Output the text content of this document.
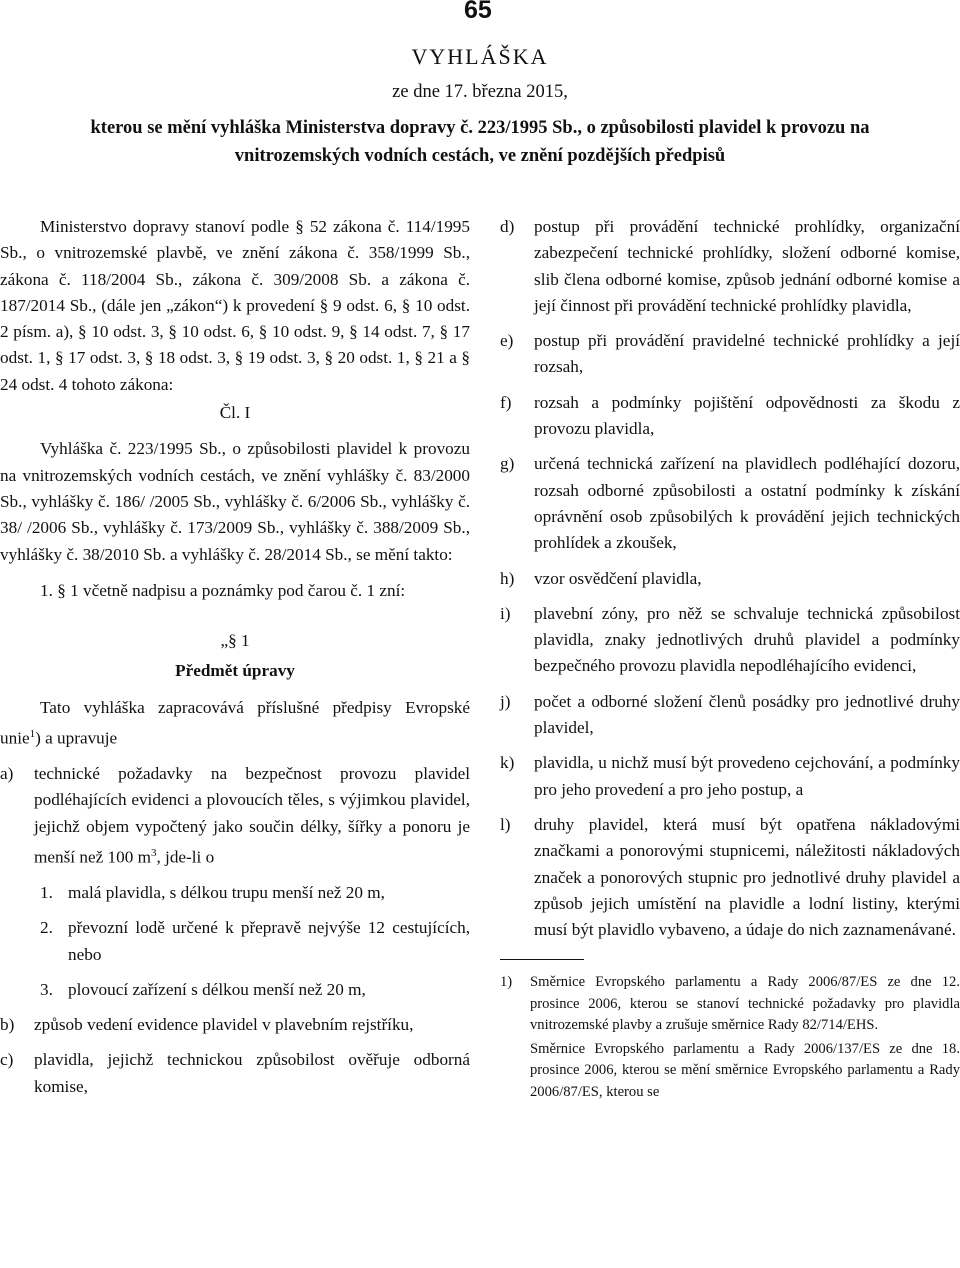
65
VYHLÁŠKA
ze dne 17. března 2015,
kterou se mění vyhláška Ministerstva dopravy č. 223/1995 Sb., o způsobilosti plavidel k provozu na vnitrozemských vodních cestách, ve znění pozdějších předpisů

Ministerstvo dopravy stanoví podle § 52 zákona č. 114/1995 Sb., o vnitrozemské plavbě, ve znění zákona č. 358/1999 Sb., zákona č. 118/2004 Sb., zákona č. 309/2008 Sb. a zákona č. 187/2014 Sb., (dále jen „zákon“) k provedení § 9 odst. 6, § 10 odst. 2 písm. a), § 10 odst. 3, § 10 odst. 6, § 10 odst. 9, § 14 odst. 7, § 17 odst. 1, § 17 odst. 3, § 18 odst. 3, § 19 odst. 3, § 20 odst. 1, § 21 a § 24 odst. 4 tohoto zákona:

Čl. I

Vyhláška č. 223/1995 Sb., o způsobilosti plavidel k provozu na vnitrozemských vodních cestách, ve znění vyhlášky č. 83/2000 Sb., vyhlášky č. 186/ /2005 Sb., vyhlášky č. 6/2006 Sb., vyhlášky č. 38/ /2006 Sb., vyhlášky č. 173/2009 Sb., vyhlášky č. 388/2009 Sb., vyhlášky č. 38/2010 Sb. a vyhlášky č. 28/2014 Sb., se mění takto:

1. § 1 včetně nadpisu a poznámky pod čarou č. 1 zní:

„§ 1

Předmět úpravy

Tato vyhláška zapracovává příslušné předpisy Evropské unie$^1$) a upravuje

a)	technické požadavky na bezpečnost provozu plavidel podléhajících evidenci a plovoucích těles, s výjimkou plavidel, jejichž objem vypočtený jako součin délky, šířky a ponoru je menší než 100 $m^3$, jde-li o
1. malá plavidla, s délkou trupu menší než 20 m,
2. převozní lodě určené k přepravě nejvýše 12 cestujících, nebo
3. plovoucí zařízení s délkou menší než 20 m,
b)	způsob vedení evidence plavidel v plavebním rejstříku,
c)	plavidla, jejichž technickou způsobilost ověřuje odborná komise,
d)	postup při provádění technické prohlídky, organizační zabezpečení technické prohlídky, složení odborné komise, slib člena odborné komise, způsob jednání odborné komise a její činnost při provádění technické prohlídky plavidla,
e)	postup při provádění pravidelné technické prohlídky a její rozsah,
f)	rozsah a podmínky pojištění odpovědnosti za škodu z provozu plavidla,
g)	určená technická zařízení na plavidlech podléhající dozoru, rozsah odborné způsobilosti a ostatní podmínky k získání oprávnění osob způsobilých k provádění jejich technických prohlídek a zkoušek,
h)	vzor osvědčení plavidla,
i)	plavební zóny, pro něž se schvaluje technická způsobilost plavidla, znaky jednotlivých druhů plavidel a podmínky bezpečného provozu plavidla nepodléhajícího evidenci,
j)	počet a odborné složení členů posádky pro jednotlivé druhy plavidel,
k)	plavidla, u nichž musí být provedeno cejchování, a podmínky pro jeho provedení a pro jeho postup, a
l)	druhy plavidel, která musí být opatřena nákladovými značkami a ponorovými stupnicemi, náležitosti nákladových značek a ponorových stupnic pro jednotlivé druhy plavidel a způsob jejich umístění na plavidle a lodní listiny, kterými musí být plavidlo vybaveno, a údaje do nich zaznamenávané.
1)	Směrnice Evropského parlamentu a Rady 2006/87/ES ze dne 12. prosince 2006, kterou se stanoví technické požadavky pro plavidla vnitrozemské plavby a zrušuje směrnice Rady 82/714/EHS.

Směrnice Evropského parlamentu a Rady 2006/137/ES ze dne 18. prosince 2006, kterou se mění směrnice Evropského parlamentu a Rady 2006/87/ES, kterou se
